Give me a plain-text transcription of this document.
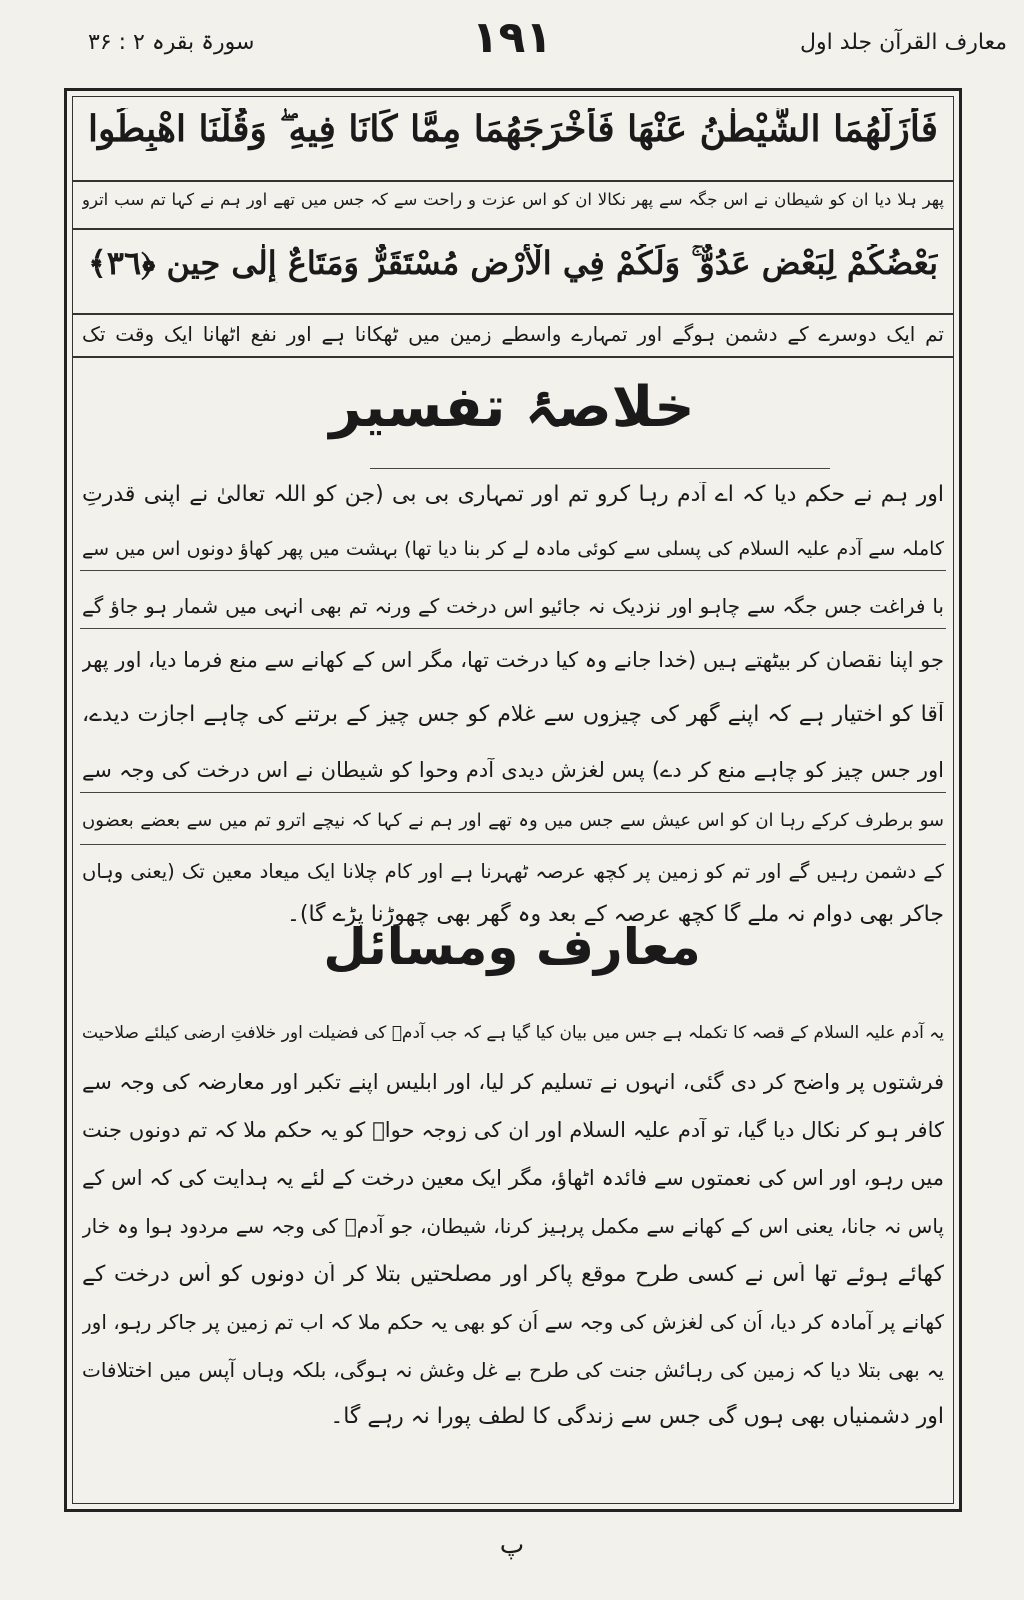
معارف القرآن جلد اول
۱۹۱
سورۃ بقرہ ۲ : ۳۶
فَأَزَلَّهُمَا الشَّيْطٰنُ عَنْهَا فَأَخْرَجَهُمَا مِمَّا كَانَا فِيهِ ۖ وَقُلْنَا اهْبِطُوا
پھر ہلا دیا ان کو شیطان نے اس جگہ سے پھر نکالا ان کو اس عزت و راحت سے کہ جس میں تھے اور ہم نے کہا تم سب اترو
بَعْضُكُمْ لِبَعْضٍ عَدُوٌّ ۚ وَلَكُمْ فِي الْأَرْضِ مُسْتَقَرٌّ وَمَتَاعٌ إِلٰى حِينٍ ﴿٣٦﴾
تم ایک دوسرے کے دشمن ہوگے اور تمہارے واسطے زمین میں ٹھکانا ہے اور نفع اٹھانا ایک وقت تک
خلاصۂ تفسیر
اور ہم نے حکم دیا کہ اے آدم رہا کرو تم اور تمہاری بی بی (جن کو اللہ تعالیٰ نے اپنی قدرتِ
کاملہ سے آدم علیہ السلام کی پسلی سے کوئی مادہ لے کر بنا دیا تھا) بہشت میں پھر کھاؤ دونوں اس میں سے
با فراغت جس جگہ سے چاہو اور نزدیک نہ جائیو اس درخت کے ورنہ تم بھی انہی میں شمار ہو جاؤ گے
جو اپنا نقصان کر بیٹھتے ہیں (خدا جانے وہ کیا درخت تھا، مگر اس کے کھانے سے منع فرما دیا، اور پھر
آقا کو اختیار ہے کہ اپنے گھر کی چیزوں سے غلام کو جس چیز کے برتنے کی چاہے اجازت دیدے،
اور جس چیز کو چاہے منع کر دے) پس لغزش دیدی آدم وحوا کو شیطان نے اس درخت کی وجہ سے
سو برطرف کرکے رہا ان کو اس عیش سے جس میں وہ تھے اور ہم نے کہا کہ نیچے اترو تم میں سے بعضے بعضوں
کے دشمن رہیں گے اور تم کو زمین پر کچھ عرصہ ٹھہرنا ہے اور کام چلانا ایک میعاد معین تک (یعنی وہاں
جاکر بھی دوام نہ ملے گا کچھ عرصہ کے بعد وہ گھر بھی چھوڑنا پڑے گا)۔
معارف ومسائل
یہ آدم علیہ السلام کے قصہ کا تکملہ ہے جس میں بیان کیا گیا ہے کہ جب آدمؑ کی فضیلت اور خلافتِ ارضی کیلئے صلاحیت
فرشتوں پر واضح کر دی گئی، انہوں نے تسلیم کر لیا، اور ابلیس اپنے تکبر اور معارضہ کی وجہ سے
کافر ہو کر نکال دیا گیا، تو آدم علیہ السلام اور ان کی زوجہ حواؑ کو یہ حکم ملا کہ تم دونوں جنت
میں رہو، اور اس کی نعمتوں سے فائدہ اٹھاؤ، مگر ایک معین درخت کے لئے یہ ہدایت کی کہ اس کے
پاس نہ جانا، یعنی اس کے کھانے سے مکمل پرہیز کرنا، شیطان، جو آدمؑ کی وجہ سے مردود ہوا وہ خار
کھائے ہوئے تھا اُس نے کسی طرح موقع پاکر اور مصلحتیں بتلا کر اُن دونوں کو اُس درخت کے
کھانے پر آمادہ کر دیا، اُن کی لغزش کی وجہ سے اُن کو بھی یہ حکم ملا کہ اب تم زمین پر جاکر رہو، اور
یہ بھی بتلا دیا کہ زمین کی رہائش جنت کی طرح بے غل وغش نہ ہوگی، بلکہ وہاں آپس میں اختلافات
اور دشمنیاں بھی ہوں گی جس سے زندگی کا لطف پورا نہ رہے گا۔
پ
